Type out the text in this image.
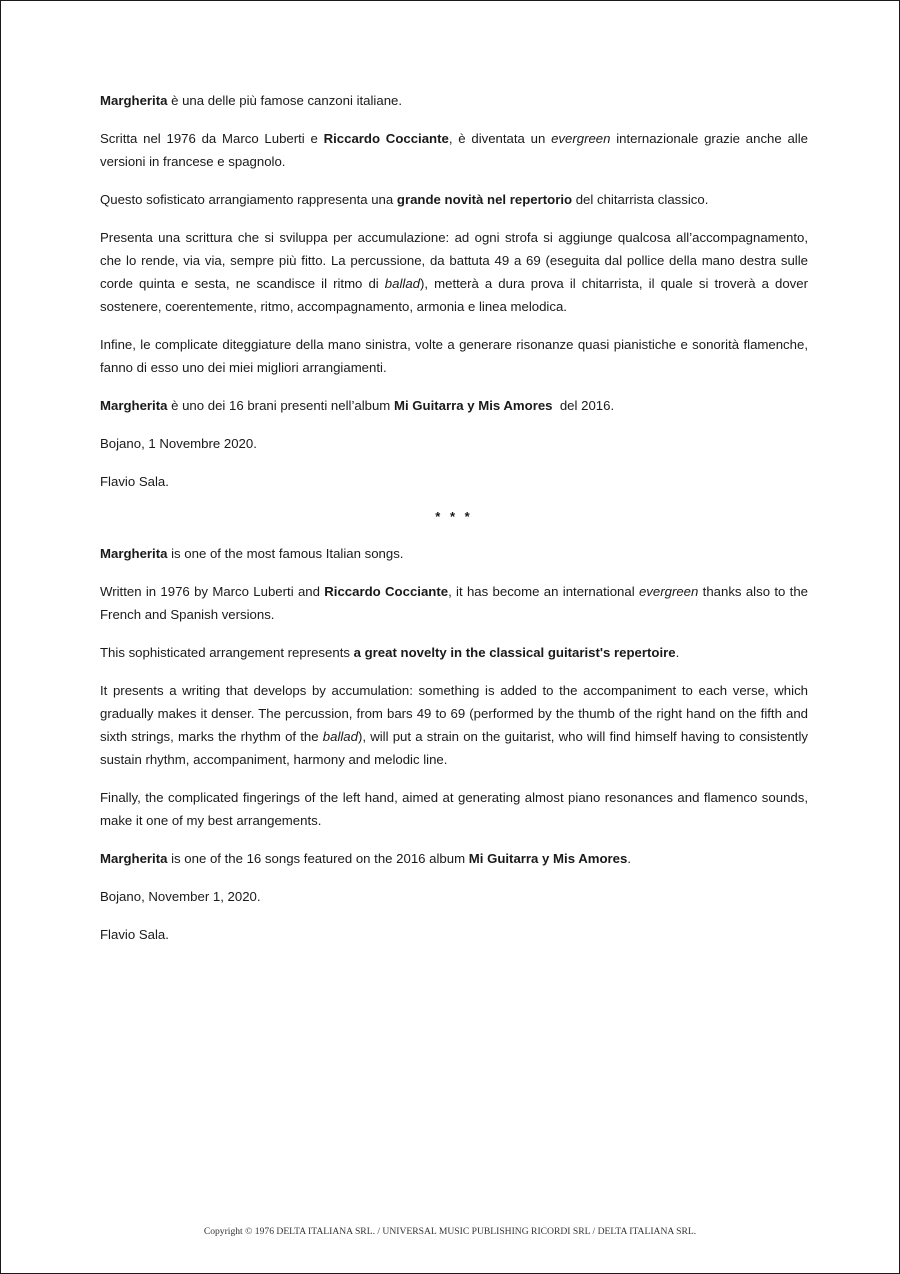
Margherita è una delle più famose canzoni italiane.

Scritta nel 1976 da Marco Luberti e Riccardo Cocciante, è diventata un evergreen internazionale grazie anche alle versioni in francese e spagnolo.

Questo sofisticato arrangiamento rappresenta una grande novità nel repertorio del chitarrista classico.

Presenta una scrittura che si sviluppa per accumulazione: ad ogni strofa si aggiunge qualcosa all’accompagnamento, che lo rende, via via, sempre più fitto. La percussione, da battuta 49 a 69 (eseguita dal pollice della mano destra sulle corde quinta e sesta, ne scandisce il ritmo di ballad), metterà a dura prova il chitarrista, il quale si troverà a dover sostenere, coerentemente, ritmo, accompagnamento, armonia e linea melodica.

Infine, le complicate diteggiature della mano sinistra, volte a generare risonanze quasi pianistiche e sonorità flamenche, fanno di esso uno dei miei migliori arrangiamenti.

Margherita è uno dei 16 brani presenti nell’album Mi Guitarra y Mis Amores  del 2016.

Bojano, 1 Novembre 2020.

Flavio Sala.

* * *

Margherita is one of the most famous Italian songs.

Written in 1976 by Marco Luberti and Riccardo Cocciante, it has become an international evergreen thanks also to the French and Spanish versions.

This sophisticated arrangement represents a great novelty in the classical guitarist's repertoire.

It presents a writing that develops by accumulation: something is added to the accompaniment to each verse, which gradually makes it denser. The percussion, from bars 49 to 69 (performed by the thumb of the right hand on the fifth and sixth strings, marks the rhythm of the ballad), will put a strain on the guitarist, who will find himself having to consistently sustain rhythm, accompaniment, harmony and melodic line.

Finally, the complicated fingerings of the left hand, aimed at generating almost piano resonances and flamenco sounds, make it one of my best arrangements.

Margherita is one of the 16 songs featured on the 2016 album Mi Guitarra y Mis Amores.

Bojano, November 1, 2020.

Flavio Sala.

Copyright © 1976 DELTA ITALIANA SRL. / UNIVERSAL MUSIC PUBLISHING RICORDI SRL / DELTA ITALIANA SRL.
